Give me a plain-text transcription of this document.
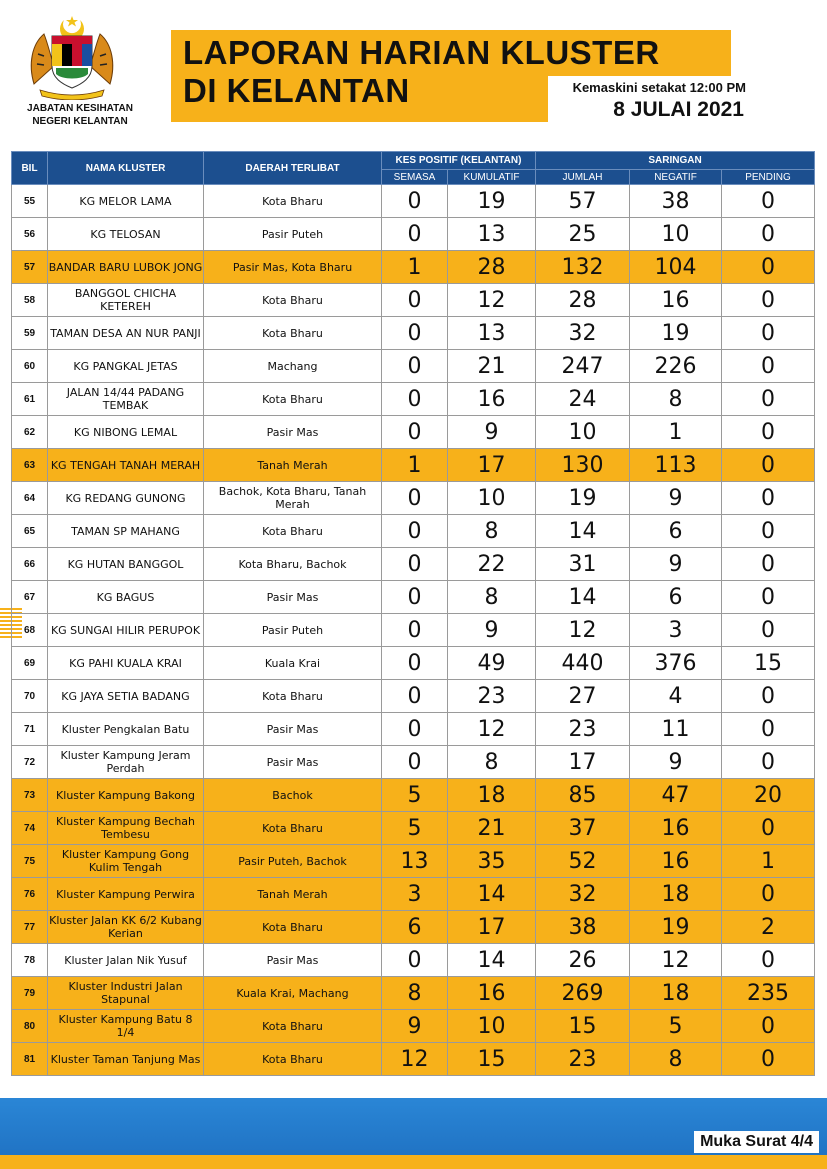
JABATAN KESIHATAN
NEGERI KELANTAN
LAPORAN HARIAN KLUSTER
DI KELANTAN	Kemaskini setakat 12:00 PM
8 JULAI 2021
BIL	NAMA KLUSTER	DAERAH TERLIBAT	KES POSITIF (KELANTAN)		SARINGAN		
			SEMASA	KUMULATIF	JUMLAH	NEGATIF	PENDING
55	KG MELOR LAMA	Kota Bharu	0	19	57	38	0
56	KG TELOSAN	Pasir Puteh	0	13	25	10	0
57	BANDAR BARU LUBOK JONG	Pasir Mas, Kota Bharu	1	28	132	104	0
58	BANGGOL CHICHA KETEREH	Kota Bharu	0	12	28	16	0
59	TAMAN DESA AN NUR PANJI	Kota Bharu	0	13	32	19	0
60	KG PANGKAL JETAS	Machang	0	21	247	226	0
61	JALAN 14/44 PADANG TEMBAK	Kota Bharu	0	16	24	8	0
62	KG NIBONG LEMAL	Pasir Mas	0	9	10	1	0
63	KG TENGAH TANAH MERAH	Tanah Merah	1	17	130	113	0
64	KG REDANG GUNONG	Bachok, Kota Bharu, Tanah Merah	0	10	19	9	0
65	TAMAN SP MAHANG	Kota Bharu	0	8	14	6	0
66	KG HUTAN BANGGOL	Kota Bharu, Bachok	0	22	31	9	0
67	KG BAGUS	Pasir Mas	0	8	14	6	0
68	KG SUNGAI HILIR PERUPOK	Pasir Puteh	0	9	12	3	0
69	KG PAHI KUALA KRAI	Kuala Krai	0	49	440	376	15
70	KG JAYA SETIA BADANG	Kota Bharu	0	23	27	4	0
71	Kluster Pengkalan Batu	Pasir Mas	0	12	23	11	0
72	Kluster Kampung Jeram Perdah	Pasir Mas	0	8	17	9	0
73	Kluster Kampung Bakong	Bachok	5	18	85	47	20
74	Kluster Kampung Bechah Tembesu	Kota Bharu	5	21	37	16	0
75	Kluster Kampung Gong Kulim Tengah	Pasir Puteh, Bachok	13	35	52	16	1
76	Kluster Kampung Perwira	Tanah Merah	3	14	32	18	0
77	Kluster Jalan KK 6/2 Kubang Kerian	Kota Bharu	6	17	38	19	2
78	Kluster Jalan Nik Yusuf	Pasir Mas	0	14	26	12	0
79	Kluster Industri Jalan Stapunal	Kuala Krai, Machang	8	16	269	18	235
80	Kluster Kampung Batu 8 1/4	Kota Bharu	9	10	15	5	0
81	Kluster Taman Tanjung Mas	Kota Bharu	12	15	23	8	0
Muka Surat 4/4
